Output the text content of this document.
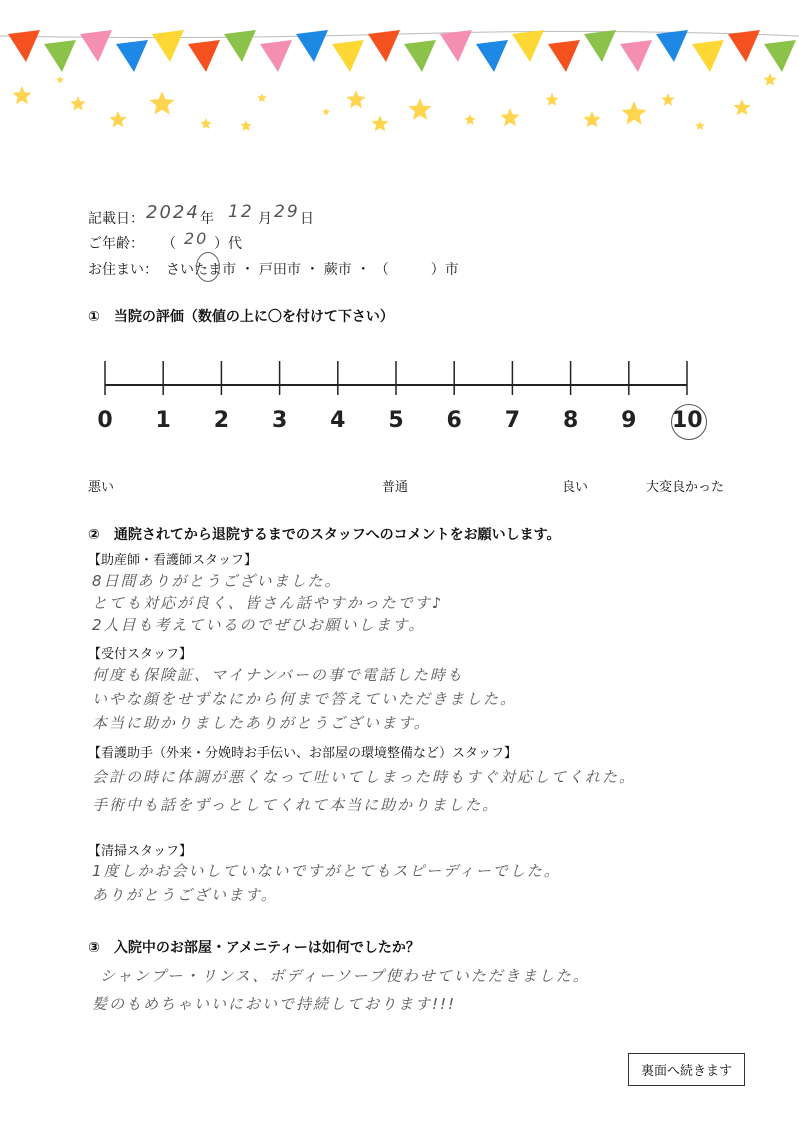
記載日： 2024 年 12 月 29 日
ご年齢： （ 20 ）代
お住まい： さいたま市 ・ 戸田市 ・ 蕨市 ・ （　　　）市
①　当院の評価（数値の上に〇を付けて下さい）
0	1	2	3	4	5	6	7	8	9	10
悪い	普通	良い	大変良かった
②　通院されてから退院するまでのスタッフへのコメントをお願いします。
【助産師・看護師スタッフ】
8日間ありがとうございました。
とても対応が良く、皆さん話やすかったです♪
2人目も考えているのでぜひお願いします。
【受付スタッフ】
何度も保険証、マイナンバーの事で電話した時も
いやな顔をせずなにから何まで答えていただきました。
本当に助かりましたありがとうございます。
【看護助手（外来・分娩時お手伝い、お部屋の環境整備など）スタッフ】
会計の時に体調が悪くなって吐いてしまった時もすぐ対応してくれた。
手術中も話をずっとしてくれて本当に助かりました。
【清掃スタッフ】
1度しかお会いしていないですがとてもスピーディーでした。
ありがとうございます。
③　入院中のお部屋・アメニティーは如何でしたか？
シャンプー・リンス、ボディーソープ使わせていただきました。
髪のもめちゃいいにおいで持続しております!!!
裏面へ続きます
